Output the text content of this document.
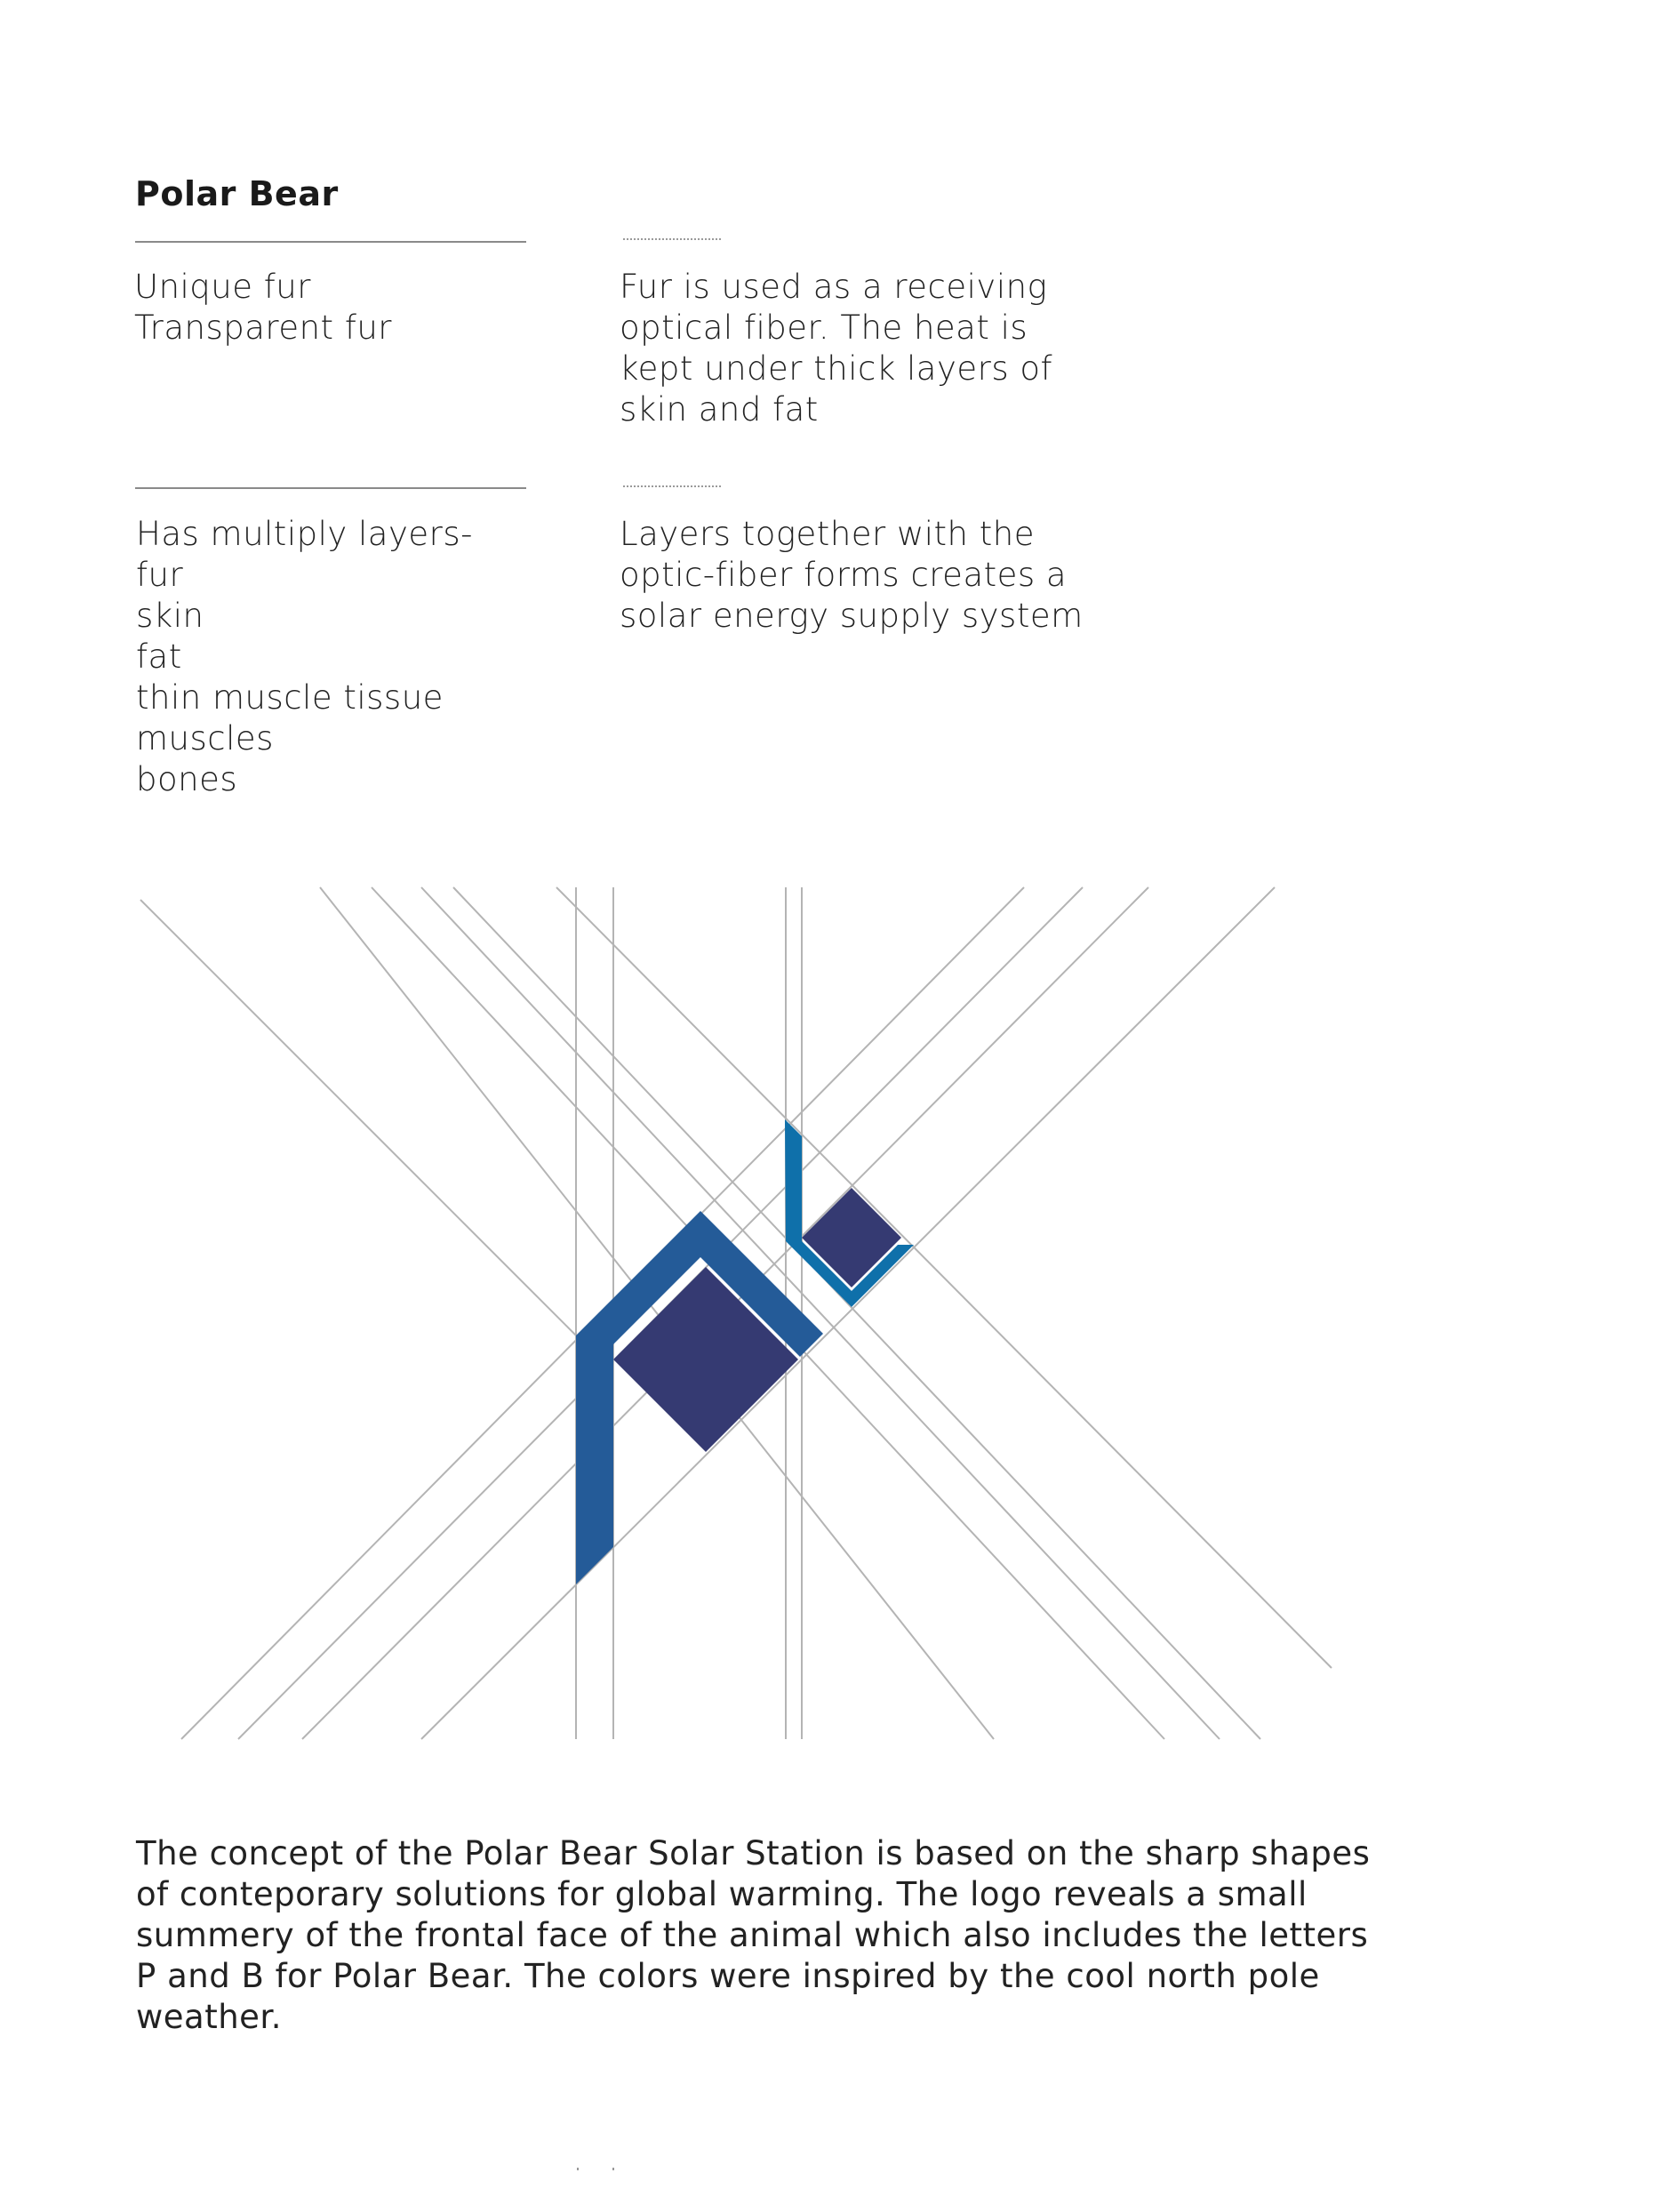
Polar Bear
Unique fur
Transparent fur
Fur is used as a receiving
optical fiber. The heat is
kept under thick layers of
skin and fat
Has multiply layers-
fur
skin
fat
thin muscle tissue
muscles
bones
Layers together with the
optic-fiber forms creates a
solar energy supply system
The concept of the Polar Bear Solar Station is based on the sharp shapes of conteporary solutions for global warming. The logo reveals a small summery of the frontal face of the animal which also includes the letters P and B for Polar Bear. The colors were inspired by the cool north pole weather.
